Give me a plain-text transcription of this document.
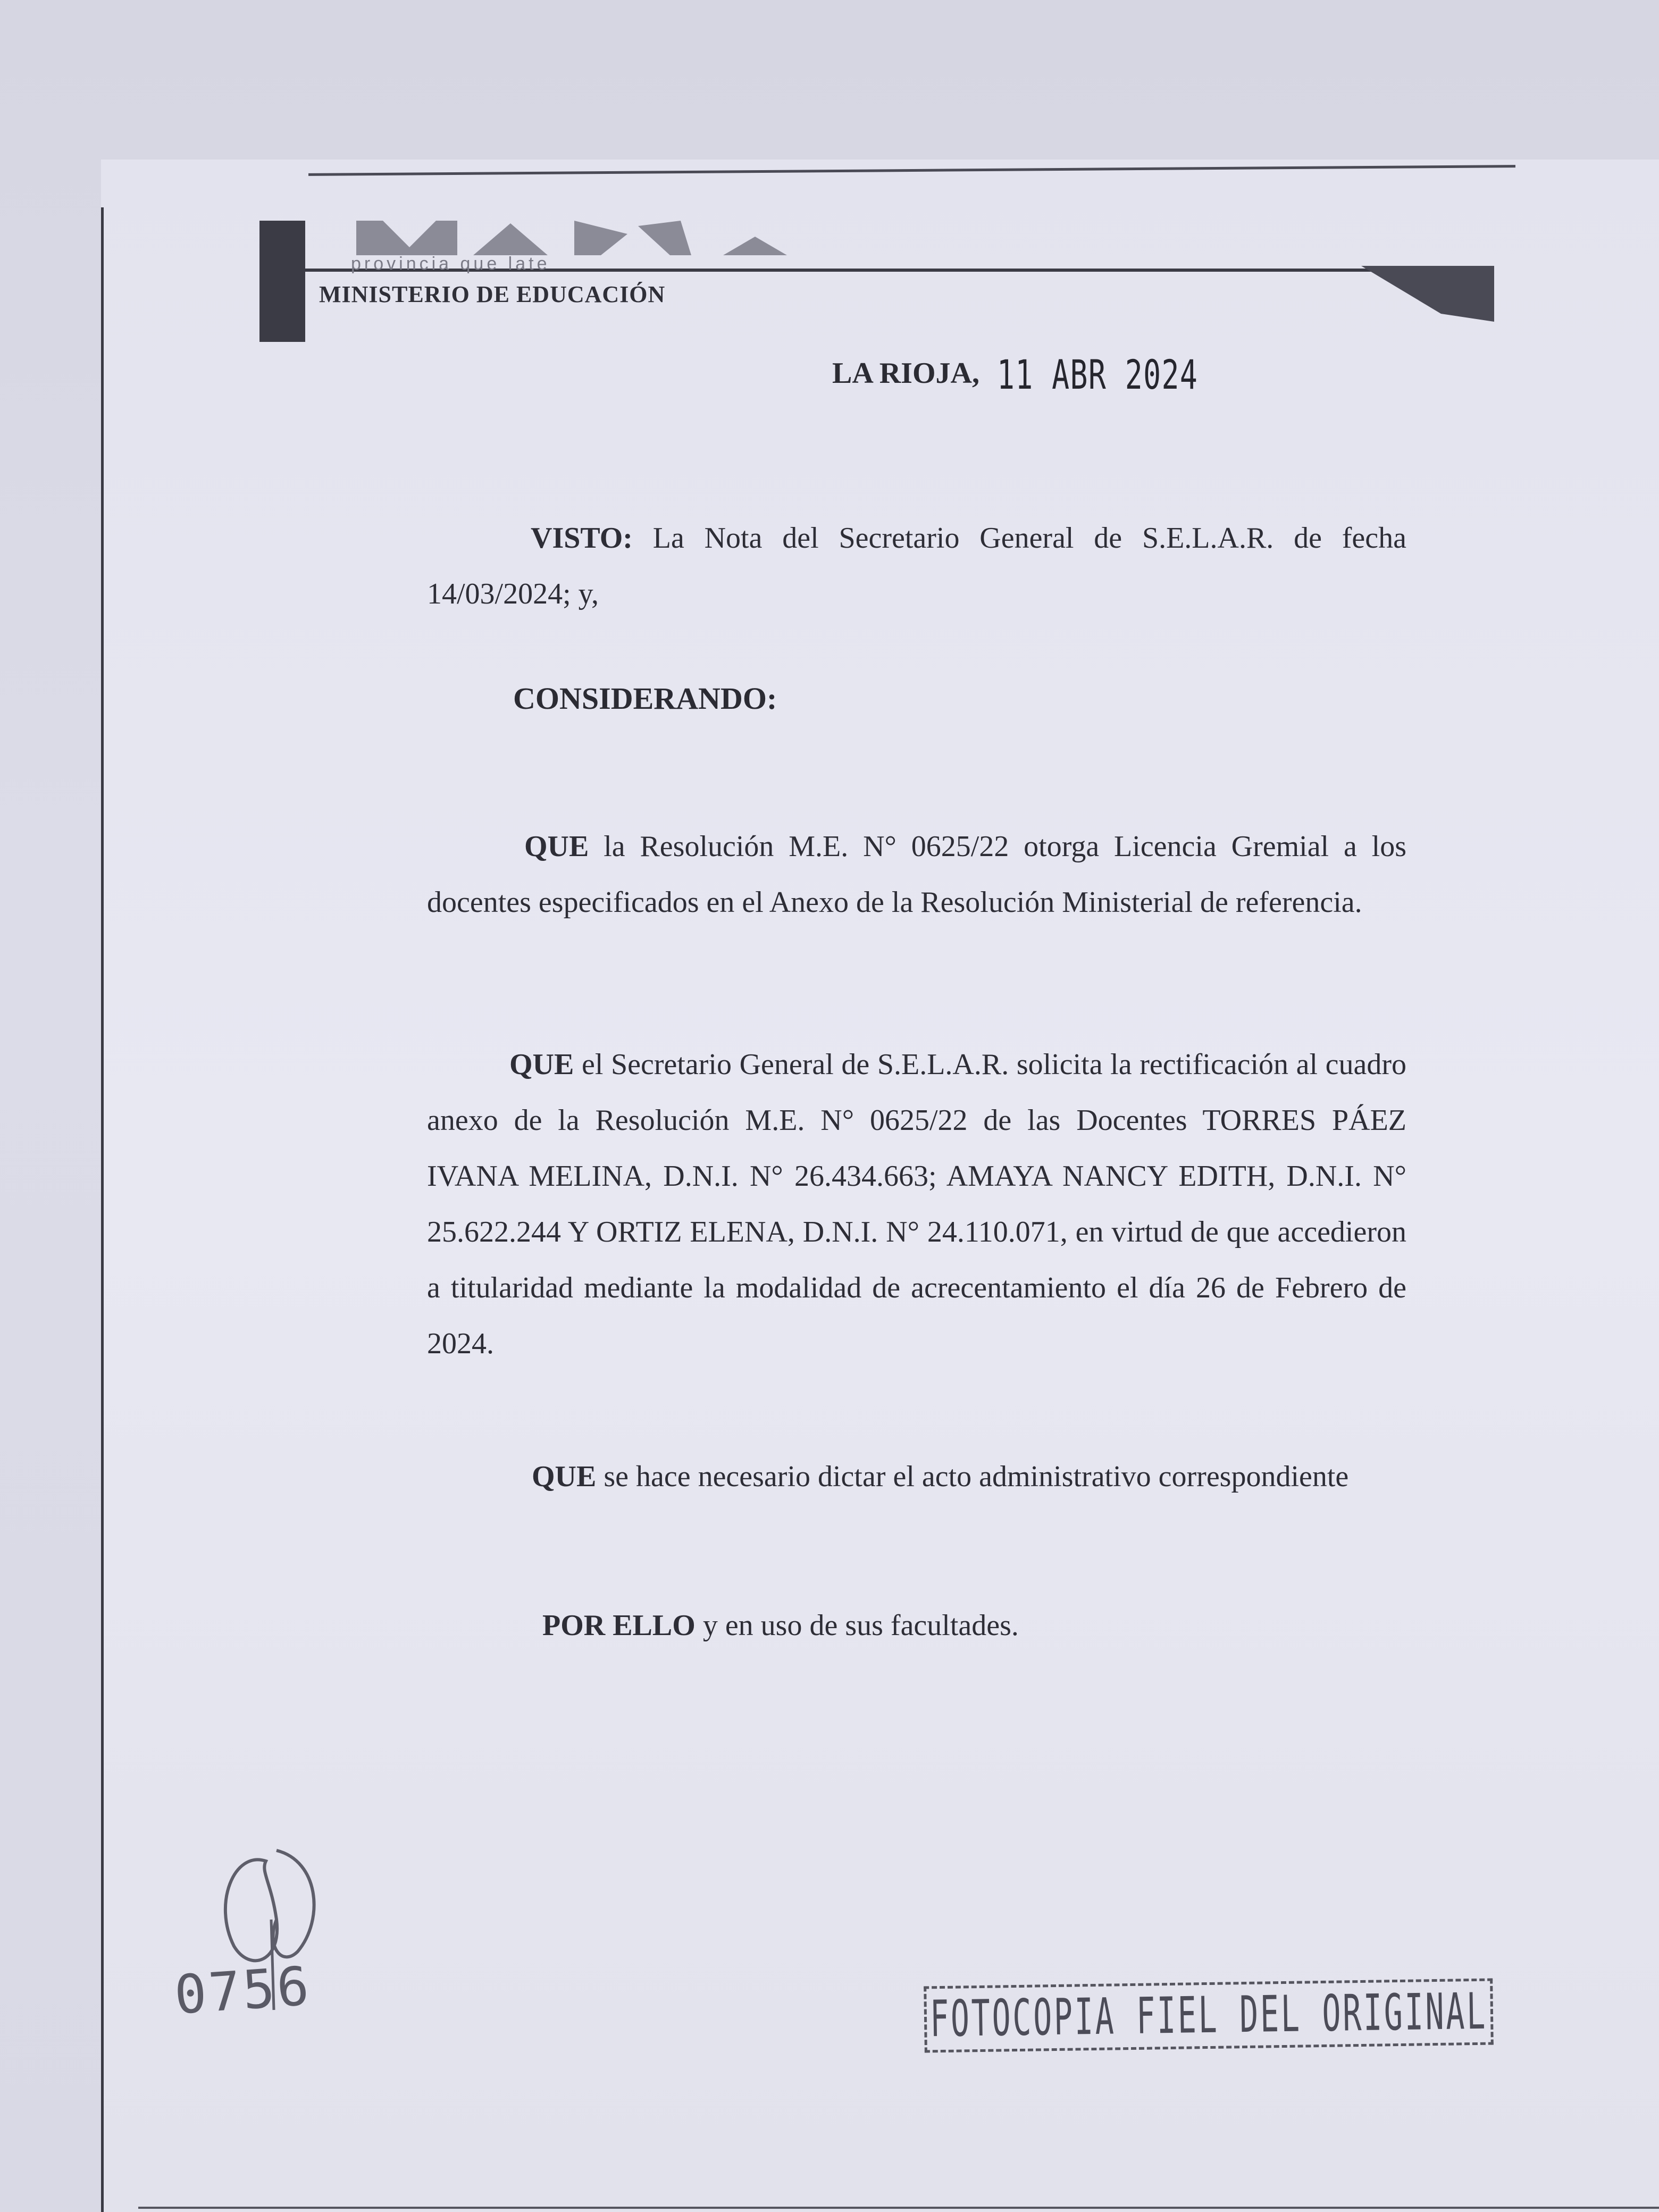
provincia que late
MINISTERIO DE EDUCACIÓN
LA RIOJA, 11 ABR 2024

VISTO: La Nota del Secretario General de S.E.L.A.R. de fecha 14/03/2024; y,
CONSIDERANDO:
QUE la Resolución M.E. N° 0625/22 otorga Licencia Gremial a los docentes especificados en el Anexo de la Resolución Ministerial de referencia.
QUE el Secretario General de S.E.L.A.R. solicita la rectificación al cuadro anexo de la Resolución M.E. N° 0625/22 de las Docentes TORRES PÁEZ IVANA MELINA, D.N.I. N° 26.434.663; AMAYA NANCY EDITH, D.N.I. N° 25.622.244 Y ORTIZ ELENA, D.N.I. N° 24.110.071, en virtud de que accedieron a titularidad mediante la modalidad de acrecentamiento el día 26 de Febrero de 2024.
QUE se hace necesario dictar el acto administrativo correspondiente
POR ELLO y en uso de sus facultades.
0756	FOTOCOPIA FIEL DEL ORIGINAL
